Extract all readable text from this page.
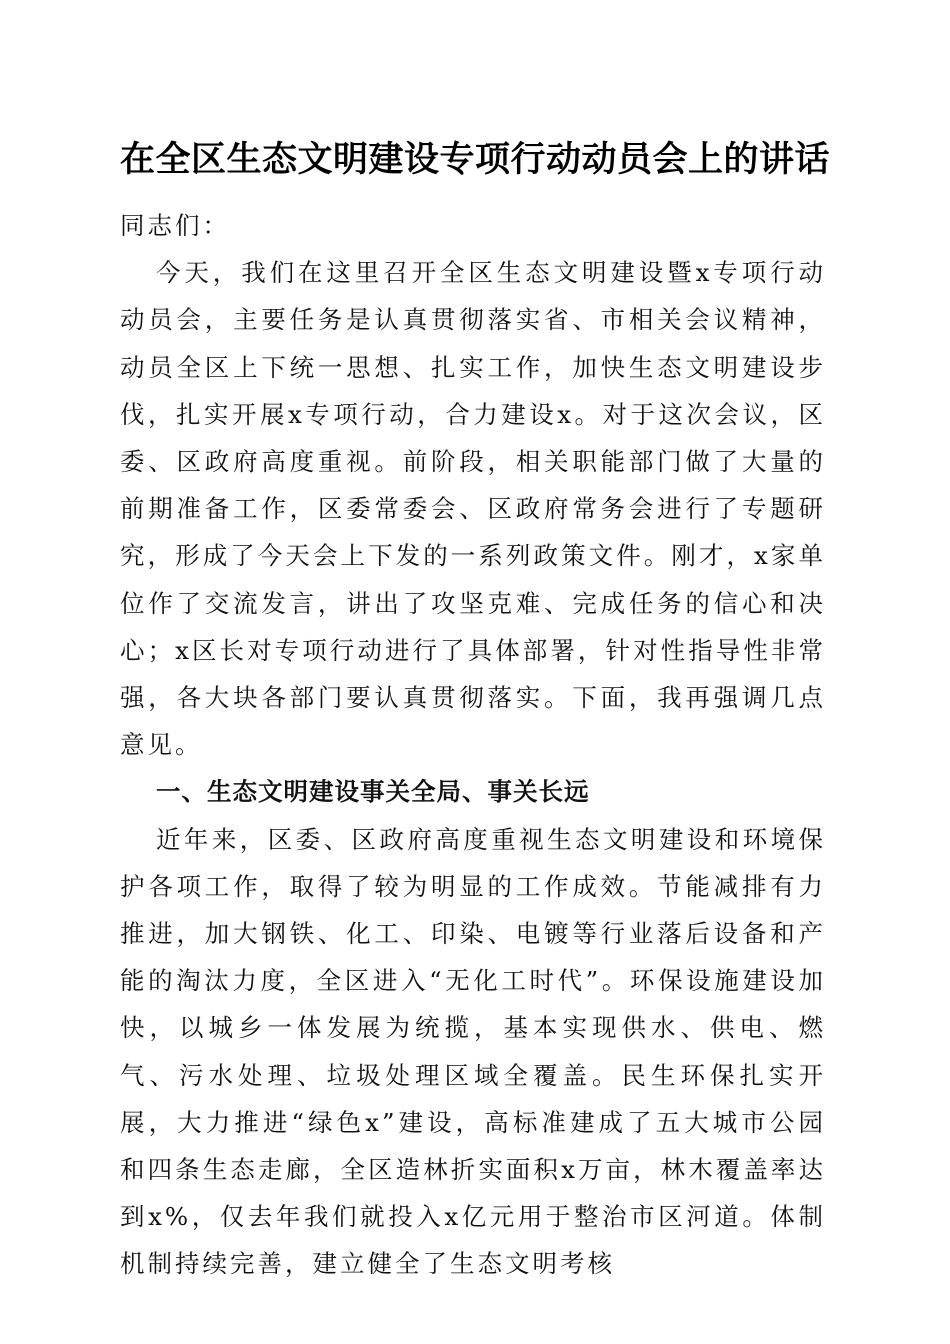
在全区生态文明建设专项行动动员会上的讲话

同志们：

今天，我们在这里召开全区生态文明建设暨x专项行动动员会，主要任务是认真贯彻落实省、市相关会议精神，动员全区上下统一思想、扎实工作，加快生态文明建设步伐，扎实开展x专项行动，合力建设x。对于这次会议，区委、区政府高度重视。前阶段，相关职能部门做了大量的前期准备工作，区委常委会、区政府常务会进行了专题研究，形成了今天会上下发的一系列政策文件。刚才，x家单位作了交流发言，讲出了攻坚克难、完成任务的信心和决心；x区长对专项行动进行了具体部署，针对性指导性非常强，各大块各部门要认真贯彻落实。下面，我再强调几点意见。

一、生态文明建设事关全局、事关长远

近年来，区委、区政府高度重视生态文明建设和环境保护各项工作，取得了较为明显的工作成效。节能减排有力推进，加大钢铁、化工、印染、电镀等行业落后设备和产能的淘汰力度，全区进入“无化工时代”。环保设施建设加快，以城乡一体发展为统揽，基本实现供水、供电、燃气、污水处理、垃圾处理区域全覆盖。民生环保扎实开展，大力推进“绿色x”建设，高标准建成了五大城市公园和四条生态走廊，全区造林折实面积x万亩，林木覆盖率达到x%，仅去年我们就投入x亿元用于整治市区河道。体制机制持续完善，建立健全了生态文明考核
